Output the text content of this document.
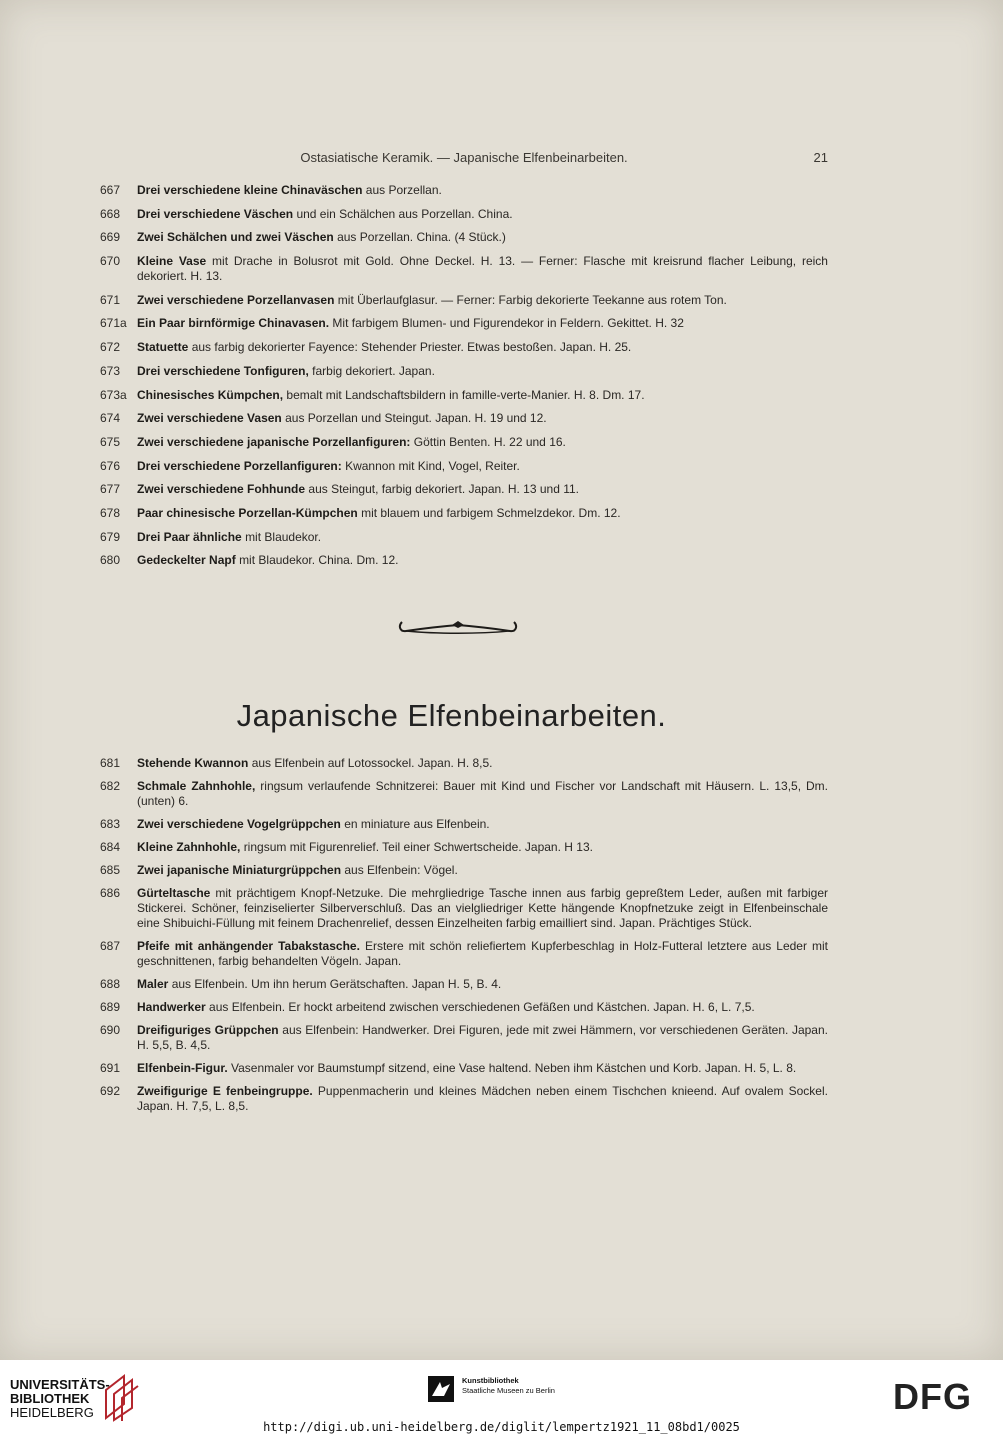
Ostasiatische Keramik. — Japanische Elfenbeinarbeiten.	21
667	Drei verschiedene kleine Chinaväschen aus Porzellan.
668	Drei verschiedene Väschen und ein Schälchen aus Porzellan. China.
669	Zwei Schälchen und zwei Väschen aus Porzellan. China. (4 Stück.)
670	Kleine Vase mit Drache in Bolusrot mit Gold. Ohne Deckel. H. 13. — Ferner: Flasche mit kreisrund flacher Leibung, reich dekoriert. H. 13.
671	Zwei verschiedene Porzellanvasen mit Überlaufglasur. — Ferner: Farbig dekorierte Teekanne aus rotem Ton.
671a Ein Paar birnförmige Chinavasen. Mit farbigem Blumen- und Figurendekor in Feldern. Gekittet. H. 32
672	Statuette aus farbig dekorierter Fayence: Stehender Priester. Etwas bestoßen. Japan. H. 25.
673	Drei verschiedene Tonfiguren, farbig dekoriert. Japan.
673a Chinesisches Kümpchen, bemalt mit Landschaftsbildern in famille-verte-Manier. H. 8. Dm. 17.
674	Zwei verschiedene Vasen aus Porzellan und Steingut. Japan. H. 19 und 12.
675	Zwei verschiedene japanische Porzellanfiguren: Göttin Benten. H. 22 und 16.
676	Drei verschiedene Porzellanfiguren: Kwannon mit Kind, Vogel, Reiter.
677	Zwei verschiedene Fohhunde aus Steingut, farbig dekoriert. Japan. H. 13 und 11.
678	Paar chinesische Porzellan-Kümpchen mit blauem und farbigem Schmelzdekor. Dm. 12.
679	Drei Paar ähnliche mit Blaudekor.
680	Gedeckelter Napf mit Blaudekor. China. Dm. 12.
Japanische Elfenbeinarbeiten.
681	Stehende Kwannon aus Elfenbein auf Lotossockel. Japan. H. 8,5.
682	Schmale Zahnhohle, ringsum verlaufende Schnitzerei: Bauer mit Kind und Fischer vor Landschaft mit Häusern. L. 13,5, Dm. (unten) 6.
683	Zwei verschiedene Vogelgrüppchen en miniature aus Elfenbein.
684	Kleine Zahnhohle, ringsum mit Figurenrelief. Teil einer Schwertscheide. Japan. H 13.
685	Zwei japanische Miniaturgrüppchen aus Elfenbein: Vögel.
686	Gürteltasche mit prächtigem Knopf-Netzuke. Die mehrgliedrige Tasche innen aus farbig gepreßtem Leder, außen mit farbiger Stickerei. Schöner, feinziselierter Silberverschluß. Das an vielgliedriger Kette hängende Knopfnetzuke zeigt in Elfenbeinschale eine Shibuichi-Füllung mit feinem Drachenrelief, dessen Einzelheiten farbig emailliert sind. Japan. Prächtiges Stück.
687	Pfeife mit anhängender Tabakstasche. Erstere mit schön reliefiertem Kupferbeschlag in Holz-Futteral letztere aus Leder mit geschnittenen, farbig behandelten Vögeln. Japan.
688	Maler aus Elfenbein. Um ihn herum Gerätschaften. Japan H. 5, B. 4.
689	Handwerker aus Elfenbein. Er hockt arbeitend zwischen verschiedenen Gefäßen und Kästchen. Japan. H. 6, L. 7,5.
690	Dreifiguriges Grüppchen aus Elfenbein: Handwerker. Drei Figuren, jede mit zwei Hämmern, vor verschiedenen Geräten. Japan. H. 5,5, B. 4,5.
691	Elfenbein-Figur. Vasenmaler vor Baumstumpf sitzend, eine Vase haltend. Neben ihm Kästchen und Korb. Japan. H. 5, L. 8.
692	Zweifigurige E fenbeingruppe. Puppenmacherin und kleines Mädchen neben einem Tischchen knieend. Auf ovalem Sockel. Japan. H. 7,5, L. 8,5.
UNIVERSITÄTS-
BIBLIOTHEK
HEIDELBERG
Kunstbibliothek
Staatliche Museen zu Berlin	DFG
http://digi.ub.uni-heidelberg.de/diglit/lempertz1921_11_08bd1/0025
